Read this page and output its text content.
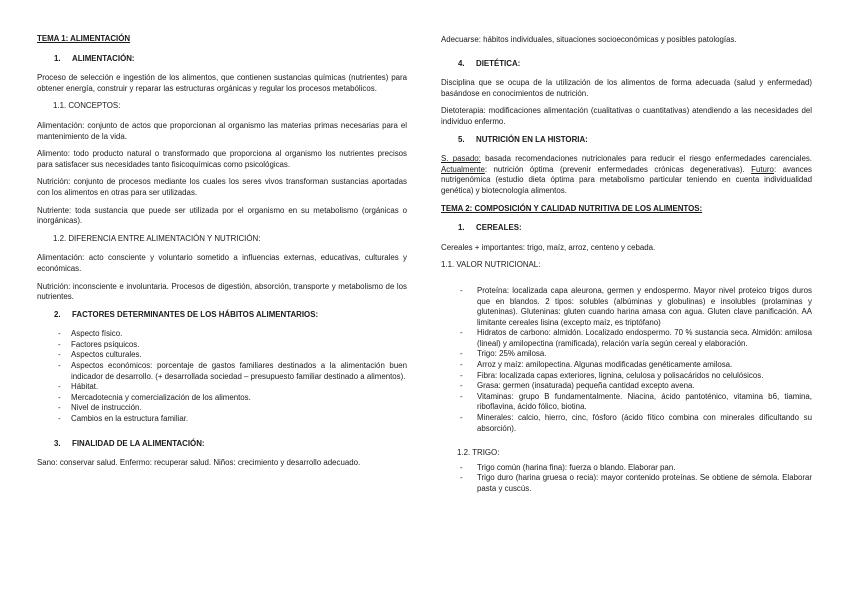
TEMA 1: ALIMENTACIÓN

1. ALIMENTACIÓN:

Proceso de selección e ingestión de los alimentos, que contienen sustancias químicas (nutrientes) para obtener energía, construir y reparar las estructuras orgánicas y regular los procesos metabólicos.

1.1. CONCEPTOS:

Alimentación: conjunto de actos que proporcionan al organismo las materias primas necesarias para el mantenimiento de la vida.

Alimento: todo producto natural o transformado que proporciona al organismo los nutrientes precisos para satisfacer sus necesidades tanto fisicoquímicas como psicológicas.

Nutrición: conjunto de procesos mediante los cuales los seres vivos transforman sustancias aportadas con los alimentos en otras para ser utilizadas.

Nutriente: toda sustancia que puede ser utilizada por el organismo en su metabolismo (orgánicas o inorgánicas).

1.2. DIFERENCIA ENTRE ALIMENTACIÓN Y NUTRICIÓN:

Alimentación: acto consciente y voluntario sometido a influencias externas, educativas, culturales y económicas.

Nutrición: inconsciente e involuntaria. Procesos de digestión, absorción, transporte y metabolismo de los nutrientes.

2. FACTORES DETERMINANTES DE LOS HÁBITOS ALIMENTARIOS:
- Aspecto físico.
- Factores psíquicos.
- Aspectos culturales.
- Aspectos económicos: porcentaje de gastos familiares destinados a la alimentación buen indicador de desarrollo. (+ desarrollada sociedad – presupuesto familiar destinado a alimentos).
- Hábitat.
- Mercadotecnia y comercialización de los alimentos.
- Nivel de instrucción.
- Cambios en la estructura familiar.
3. FINALIDAD DE LA ALIMENTACIÓN:

Sano: conservar salud. Enfermo: recuperar salud. Niños: crecimiento y desarrollo adecuado.

Adecuarse: hábitos individuales, situaciones socioeconómicas y posibles patologías.

4. DIETÉTICA:

Disciplina que se ocupa de la utilización de los alimentos de forma adecuada (salud y enfermedad) basándose en conocimientos de nutrición.

Dietoterapia: modificaciones alimentación (cualitativas o cuantitativas) atendiendo a las necesidades del individuo enfermo.

5. NUTRICIÓN EN LA HISTORIA:

S. pasado: basada recomendaciones nutricionales para reducir el riesgo enfermedades carenciales. Actualmente: nutrición óptima (prevenir enfermedades crónicas degenerativas). Futuro: avances nutrigenómica (estudio dieta óptima para metabolismo particular teniendo en cuenta individualidad genética) y biotecnología alimentos.

TEMA 2: COMPOSICIÓN Y CALIDAD NUTRITIVA DE LOS ALIMENTOS:

1. CEREALES:

Cereales + importantes: trigo, maíz, arroz, centeno y cebada.

1.1. VALOR NUTRICIONAL:
- Proteína: localizada capa aleurona, germen y endospermo. Mayor nivel proteico trigos duros que en blandos. 2 tipos: solubles (albúminas y globulinas) e insolubles (prolaminas y gluteninas). Gluteninas: gluten cuando harina amasa con agua. Gluten clave panificación. AA limitante cereales lisina (excepto maíz, es triptófano)
- Hidratos de carbono: almidón. Localizado endospermo. 70 % sustancia seca. Almidón: amilosa (lineal) y amilopectina (ramificada), relación varía según cereal y elaboración.
- Trigo: 25% amilosa.
- Arroz y maíz: amilopectina. Algunas modificadas genéticamente amilosa.
- Fibra: localizada capas exteriores, lignina, celulosa y polisacáridos no celulósicos.
- Grasa: germen (insaturada) pequeña cantidad excepto avena.
- Vitaminas: grupo B fundamentalmente. Niacina, ácido pantoténico, vitamina b6, tiamina, riboflavina, ácido fólico, biotina.
- Minerales: calcio, hierro, cinc, fósforo (ácido fítico combina con minerales dificultando su absorción).
1.2. TRIGO:
- Trigo común (harina fina): fuerza o blando. Elaborar pan.
- Trigo duro (harina gruesa o recia): mayor contenido proteínas. Se obtiene de sémola. Elaborar pasta y cuscús.
